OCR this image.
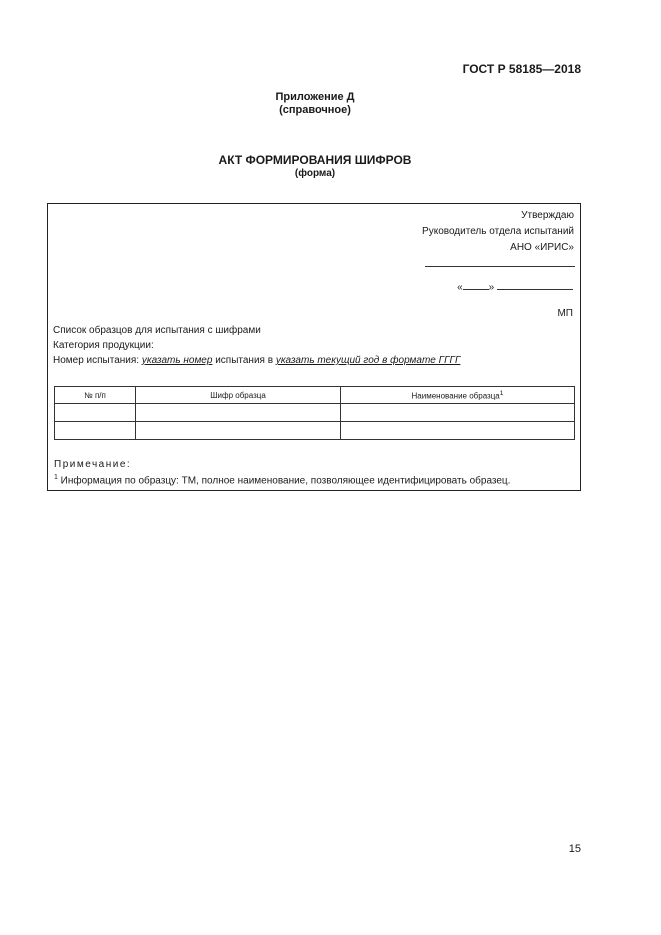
ГОСТ Р 58185—2018
Приложение Д
(справочное)
АКТ ФОРМИРОВАНИЯ ШИФРОВ
(форма)
Утверждаю
Руководитель отдела испытаний
АНО «ИРИС»
«	»
МП
Список образцов для испытания с шифрами
Категория продукции:
Номер испытания: указать номер испытания в указать текущий год в формате ГГГГ
№ п/п	Шифр образца	Наименование образца$^1$

Примечание:
$^1$ Информация по образцу: ТМ, полное наименование, позволяющее идентифицировать образец.
15
